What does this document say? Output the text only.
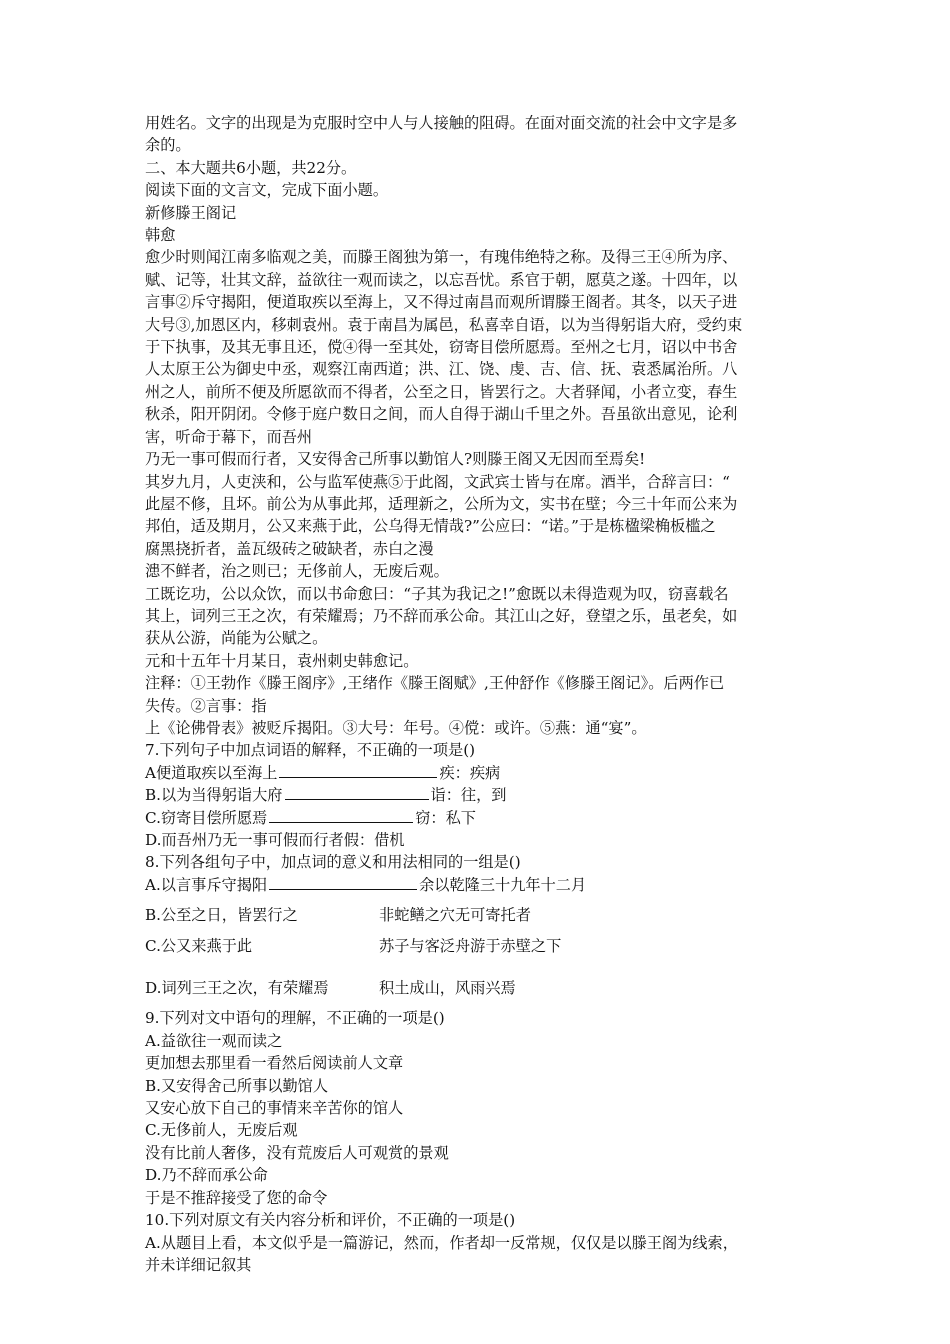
用姓名。文字的出现是为克服时空中人与人接触的阻碍。在面对面交流的社会中文字是多
余的。
二、本大题共6小题，共22分。
阅读下面的文言文，完成下面小题。
新修滕王阁记
韩愈
愈少时则闻江南多临观之美，而滕王阁独为第一，有瑰伟绝特之称。及得三王④所为序、
赋、记等，壮其文辞，益欲往一观而读之，以忘吾忧。系官于朝，愿莫之遂。十四年，以
言事②斥守揭阳，便道取疾以至海上，又不得过南昌而观所谓滕王阁者。其冬，以天子进
大号③,加恩区内，移刺袁州。袁于南昌为属邑，私喜幸自语，以为当得躬诣大府，受约束
于下执事，及其无事且还，傥④得一至其处，窃寄目偿所愿焉。至州之七月，诏以中书舍
人太原王公为御史中丞，观察江南西道；洪、江、饶、虔、吉、信、抚、袁悉属治所。八
州之人，前所不便及所愿欲而不得者，公至之日，皆罢行之。大者驿闻，小者立变，春生
秋杀，阳开阴闭。令修于庭户数日之间，而人自得于湖山千里之外。吾虽欲出意见，论利
害，听命于幕下，而吾州
乃无一事可假而行者，又安得舍己所事以勤馆人?则滕王阁又无因而至焉矣!
其岁九月，人吏浃和，公与监军使燕⑤于此阁，文武宾士皆与在席。酒半，合辞言曰：“
此屋不修，且坏。前公为从事此邦，适理新之，公所为文，实书在壁；今三十年而公来为
邦伯，适及期月，公又来燕于此，公乌得无情哉?”公应曰：“诺。”于是栋楹梁桷板槛之
腐黑挠折者，盖瓦级砖之破缺者，赤白之漫
漶不鲜者，治之则已；无侈前人，无废后观。
工既讫功，公以众饮，而以书命愈曰：“子其为我记之!”愈既以未得造观为叹，窃喜载名
其上，词列三王之次，有荣耀焉；乃不辞而承公命。其江山之好，登望之乐，虽老矣，如
获从公游，尚能为公赋之。
元和十五年十月某日，袁州刺史韩愈记。
注释：①王勃作《滕王阁序》,王绪作《滕王阁赋》,王仲舒作《修滕王阁记》。后两作已
失传。②言事：指
上《论佛骨表》被贬斥揭阳。③大号：年号。④傥：或许。⑤燕：通“宴”。
7.下列句子中加点词语的解释，不正确的一项是()
A便道取疾以至海上	疾：疾病
B.以为当得躬诣大府	诣：往，到
C.窃寄目偿所愿焉	窃：私下
D.而吾州乃无一事可假而行者假：借机
8.下列各组句子中，加点词的意义和用法相同的一组是()
A.以言事斥守揭阳	余以乾隆三十九年十二月
B.公至之日，皆罢行之	非蛇鳝之穴无可寄托者
C.公又来燕于此	苏子与客泛舟游于赤壁之下
D.词列三王之次，有荣耀焉	积土成山，风雨兴焉
9.下列对文中语句的理解，不正确的一项是()
A.益欲往一观而读之
更加想去那里看一看然后阅读前人文章
B.又安得舍己所事以勤馆人
又安心放下自己的事情来辛苦你的馆人
C.无侈前人，无废后观
没有比前人奢侈，没有荒废后人可观赏的景观
D.乃不辞而承公命
于是不推辞接受了您的命令
10.下列对原文有关内容分析和评价，不正确的一项是()
A.从题目上看，本文似乎是一篇游记，然而，作者却一反常规，仅仅是以滕王阁为线索，
并未详细记叙其
